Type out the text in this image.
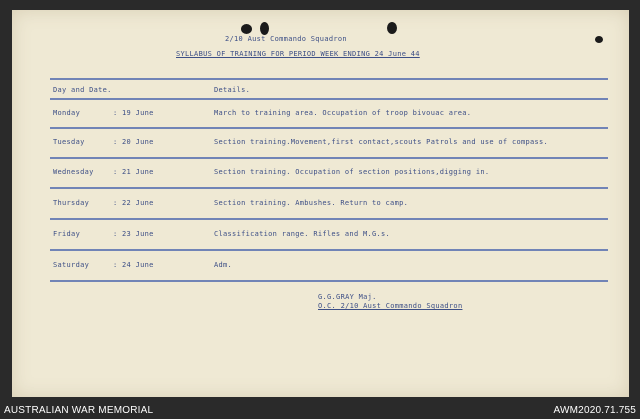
2/10 Aust Commando Squadron
SYLLABUS OF TRAINING FOR PERIOD WEEK ENDING 24 June 44
Day and Date.	Details.
Monday	: 19 June	March to training area. Occupation of troop bivouac area.
Tuesday	: 20 June	Section training.Movement,first contact,scouts Patrols and use of compass.
Wednesday	: 21 June	Section training. Occupation of section positions,digging in.
Thursday	: 22 June	Section training. Ambushes. Return to camp.
Friday	: 23 June	Classification range. Rifles and M.G.s.
Saturday	: 24 June	Adm.
G.G.GRAY Maj.
O.C. 2/10 Aust Commando Squadron
AUSTRALIAN WAR MEMORIAL	AWM2020.71.755
